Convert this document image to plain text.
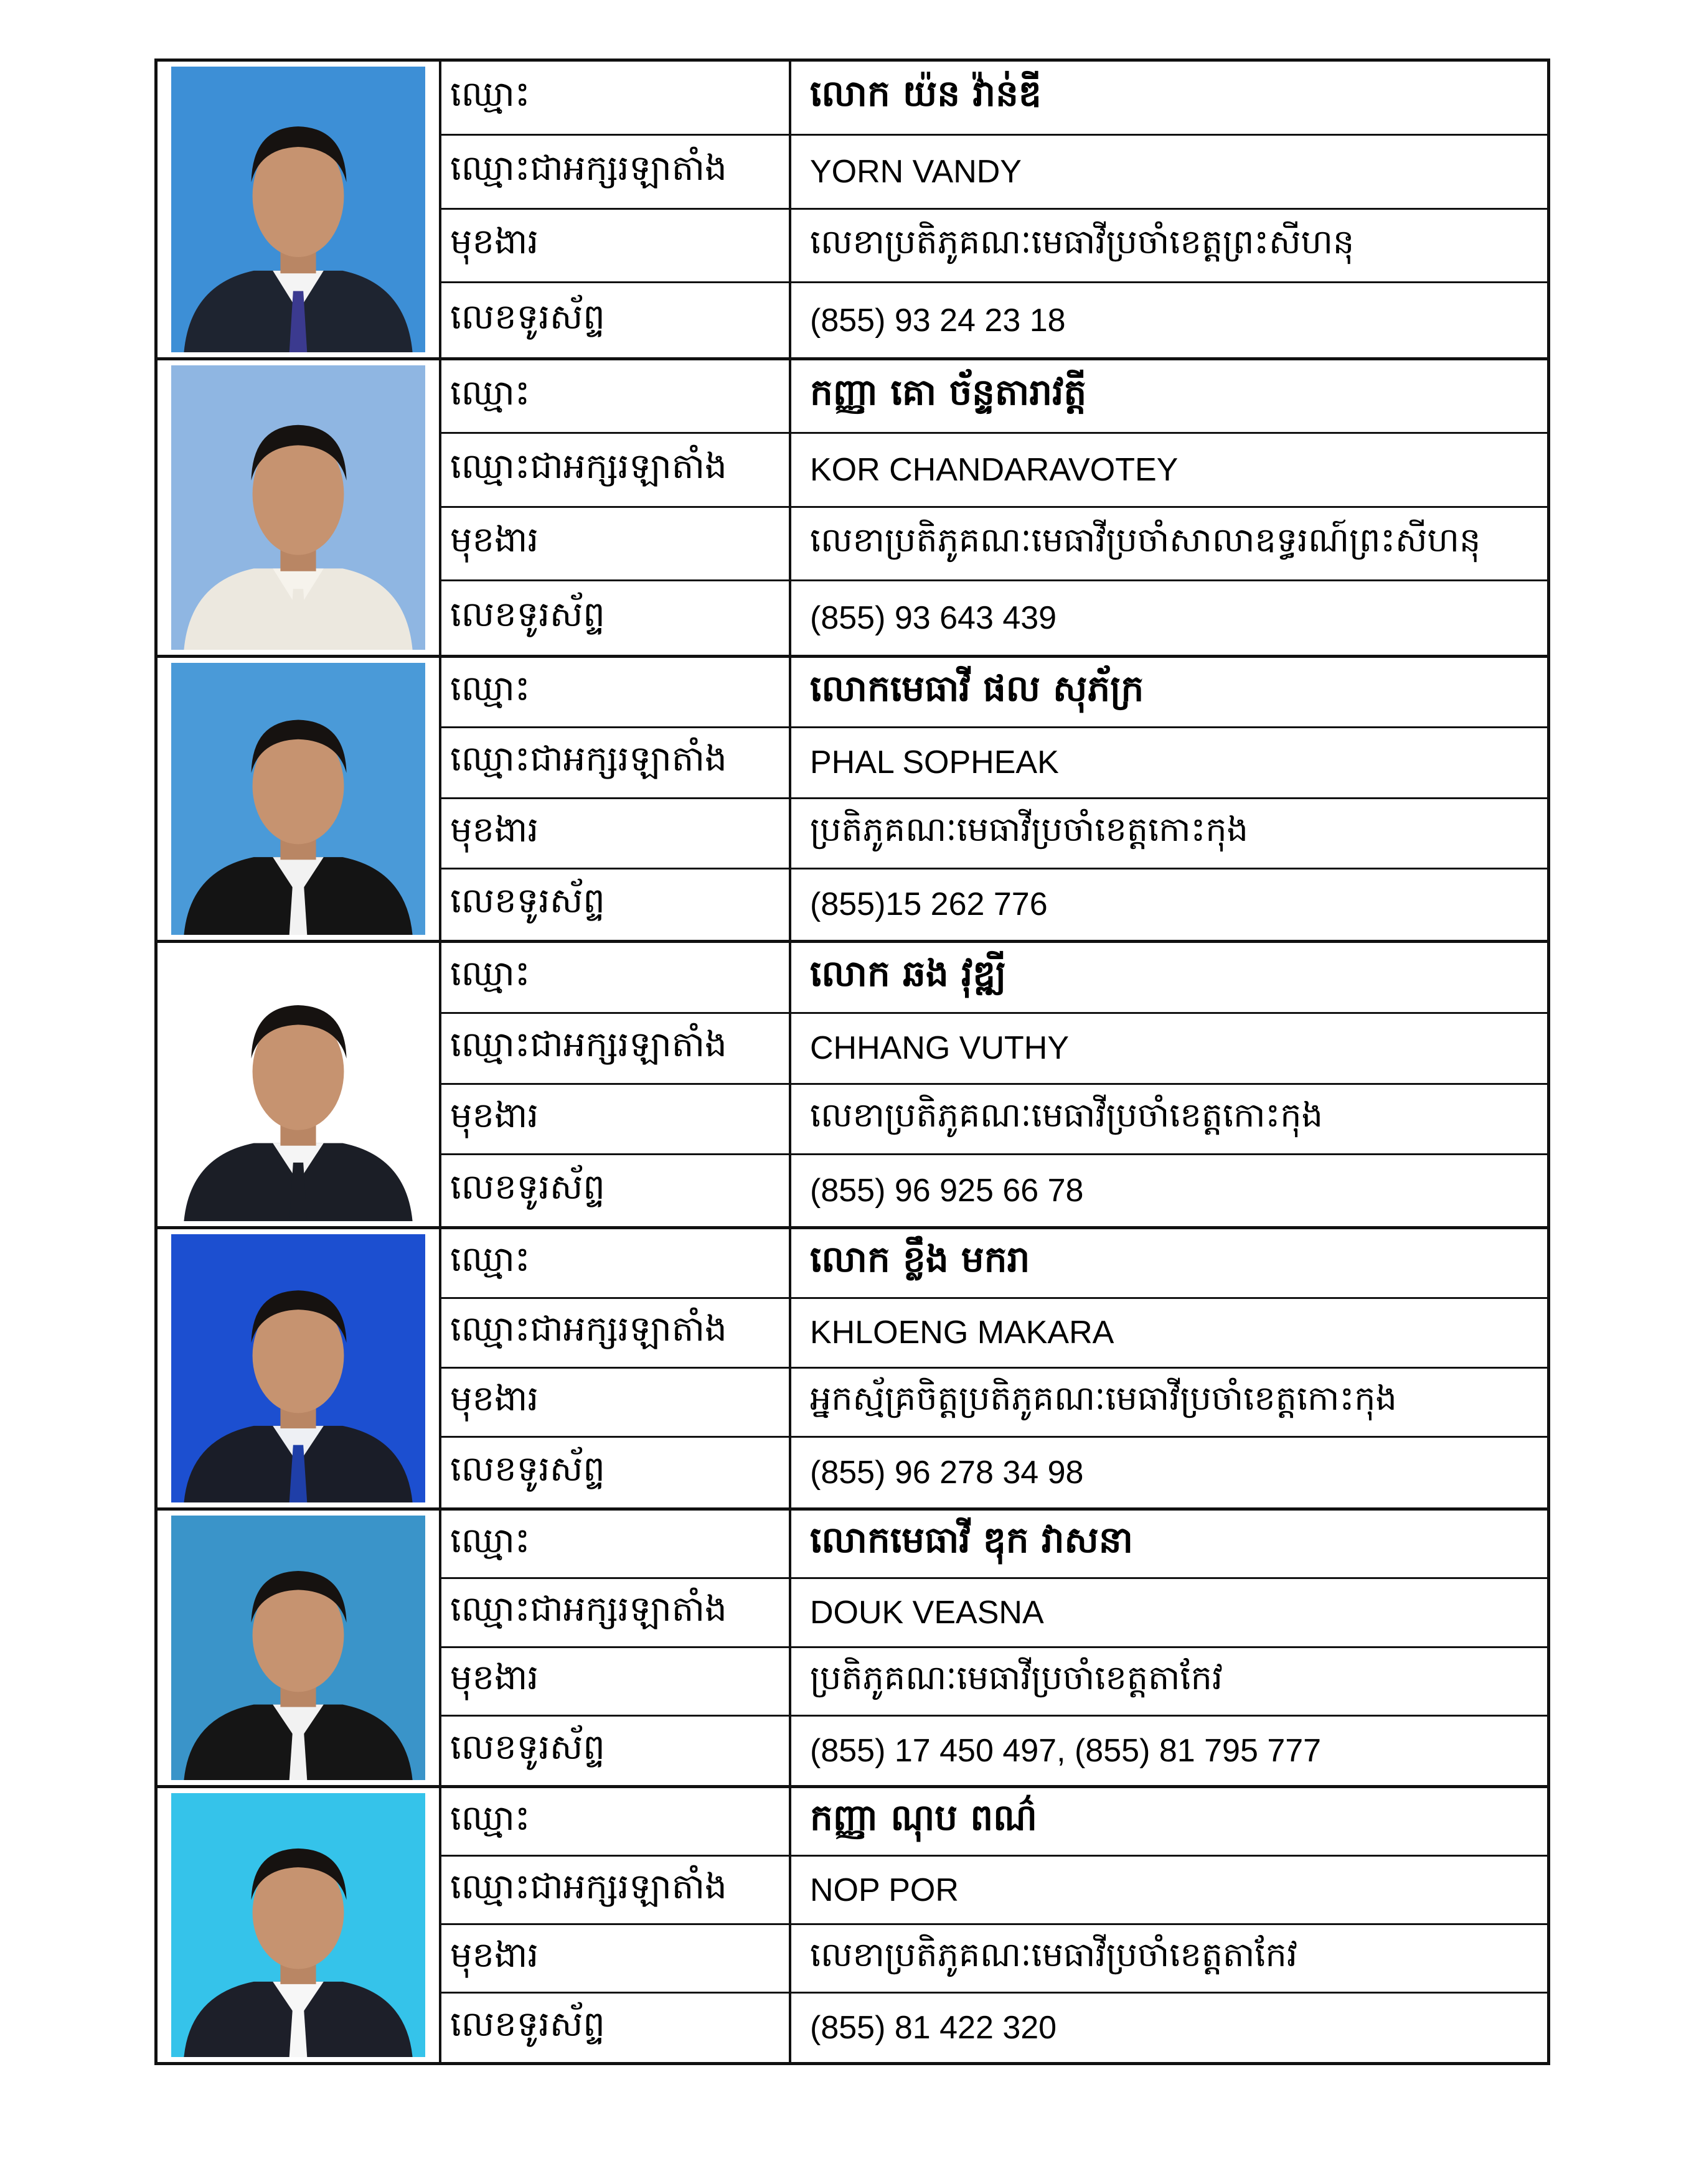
ឈ្មោះ	លោក យ៉ន វ៉ាន់ឌី
ឈ្មោះជាអក្សរឡាតាំង	YORN VANDY
មុខងារ	លេខាប្រតិភូគណៈមេធាវីប្រចាំខេត្តព្រះសីហនុ
លេខទូរស័ព្ទ	(855) 93 24 23 18
ឈ្មោះ	កញ្ញា គោ ច័ន្ទតារាវត្តី
ឈ្មោះជាអក្សរឡាតាំង	KOR CHANDARAVOTEY
មុខងារ	លេខាប្រតិភូគណៈមេធាវីប្រចាំសាលាឧទ្ធរណ៍ព្រះសីហនុ
លេខទូរស័ព្ទ	(855) 93 643 439
ឈ្មោះ	លោកមេធាវី ផល សុភ័ក្រ
ឈ្មោះជាអក្សរឡាតាំង	PHAL SOPHEAK
មុខងារ	ប្រតិភូគណៈមេធាវីប្រចាំខេត្តកោះកុង
លេខទូរស័ព្ទ	(855)15 262 776
ឈ្មោះ	លោក ឆង វុឌ្ឍី
ឈ្មោះជាអក្សរឡាតាំង	CHHANG VUTHY
មុខងារ	លេខាប្រតិភូគណៈមេធាវីប្រចាំខេត្តកោះកុង
លេខទូរស័ព្ទ	(855) 96 925 66 78
ឈ្មោះ	លោក ខ្លឹង មករា
ឈ្មោះជាអក្សរឡាតាំង	KHLOENG MAKARA
មុខងារ	អ្នកស្ម័គ្រចិត្តប្រតិភូគណៈមេធាវីប្រចាំខេត្តកោះកុង
លេខទូរស័ព្ទ	(855) 96 278 34 98
ឈ្មោះ	លោកមេធាវី ឌុក វាសនា
ឈ្មោះជាអក្សរឡាតាំង	DOUK VEASNA
មុខងារ	ប្រតិភូគណៈមេធាវីប្រចាំខេត្តតាកែវ
លេខទូរស័ព្ទ	(855) 17 450 497, (855) 81 795 777
ឈ្មោះ	កញ្ញា ណុប ពណ៌
ឈ្មោះជាអក្សរឡាតាំង	NOP POR
មុខងារ	លេខាប្រតិភូគណៈមេធាវីប្រចាំខេត្តតាកែវ
លេខទូរស័ព្ទ	(855) 81 422 320
